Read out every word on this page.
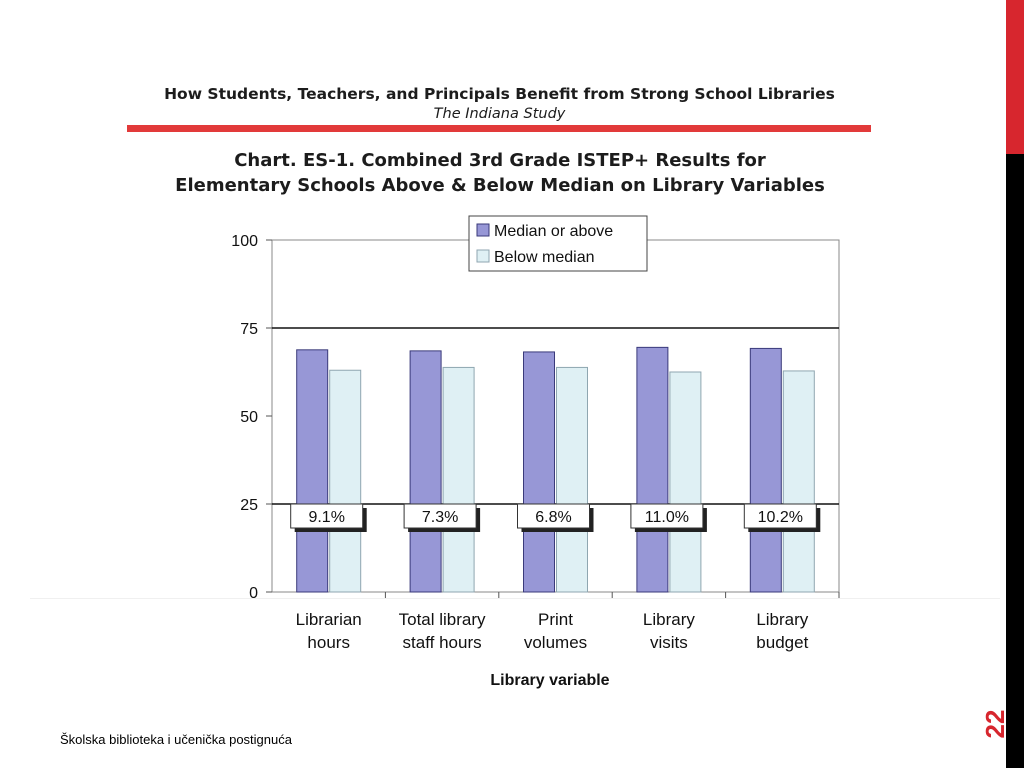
22
How Students, Teachers, and Principals Benefit from Strong School Libraries
The Indiana Study
Chart. ES-1. Combined 3rd Grade ISTEP+ Results for
Elementary Schools Above & Below Median on Library Variables
0
25
50
75
100
9.1%
Librarian
hours
7.3%
Total library
staff hours
6.8%
Print
volumes
11.0%
Library
visits
10.2%
Library
budget
Median or above
Below median
Library variable
Školska biblioteka i učenička postignuća
